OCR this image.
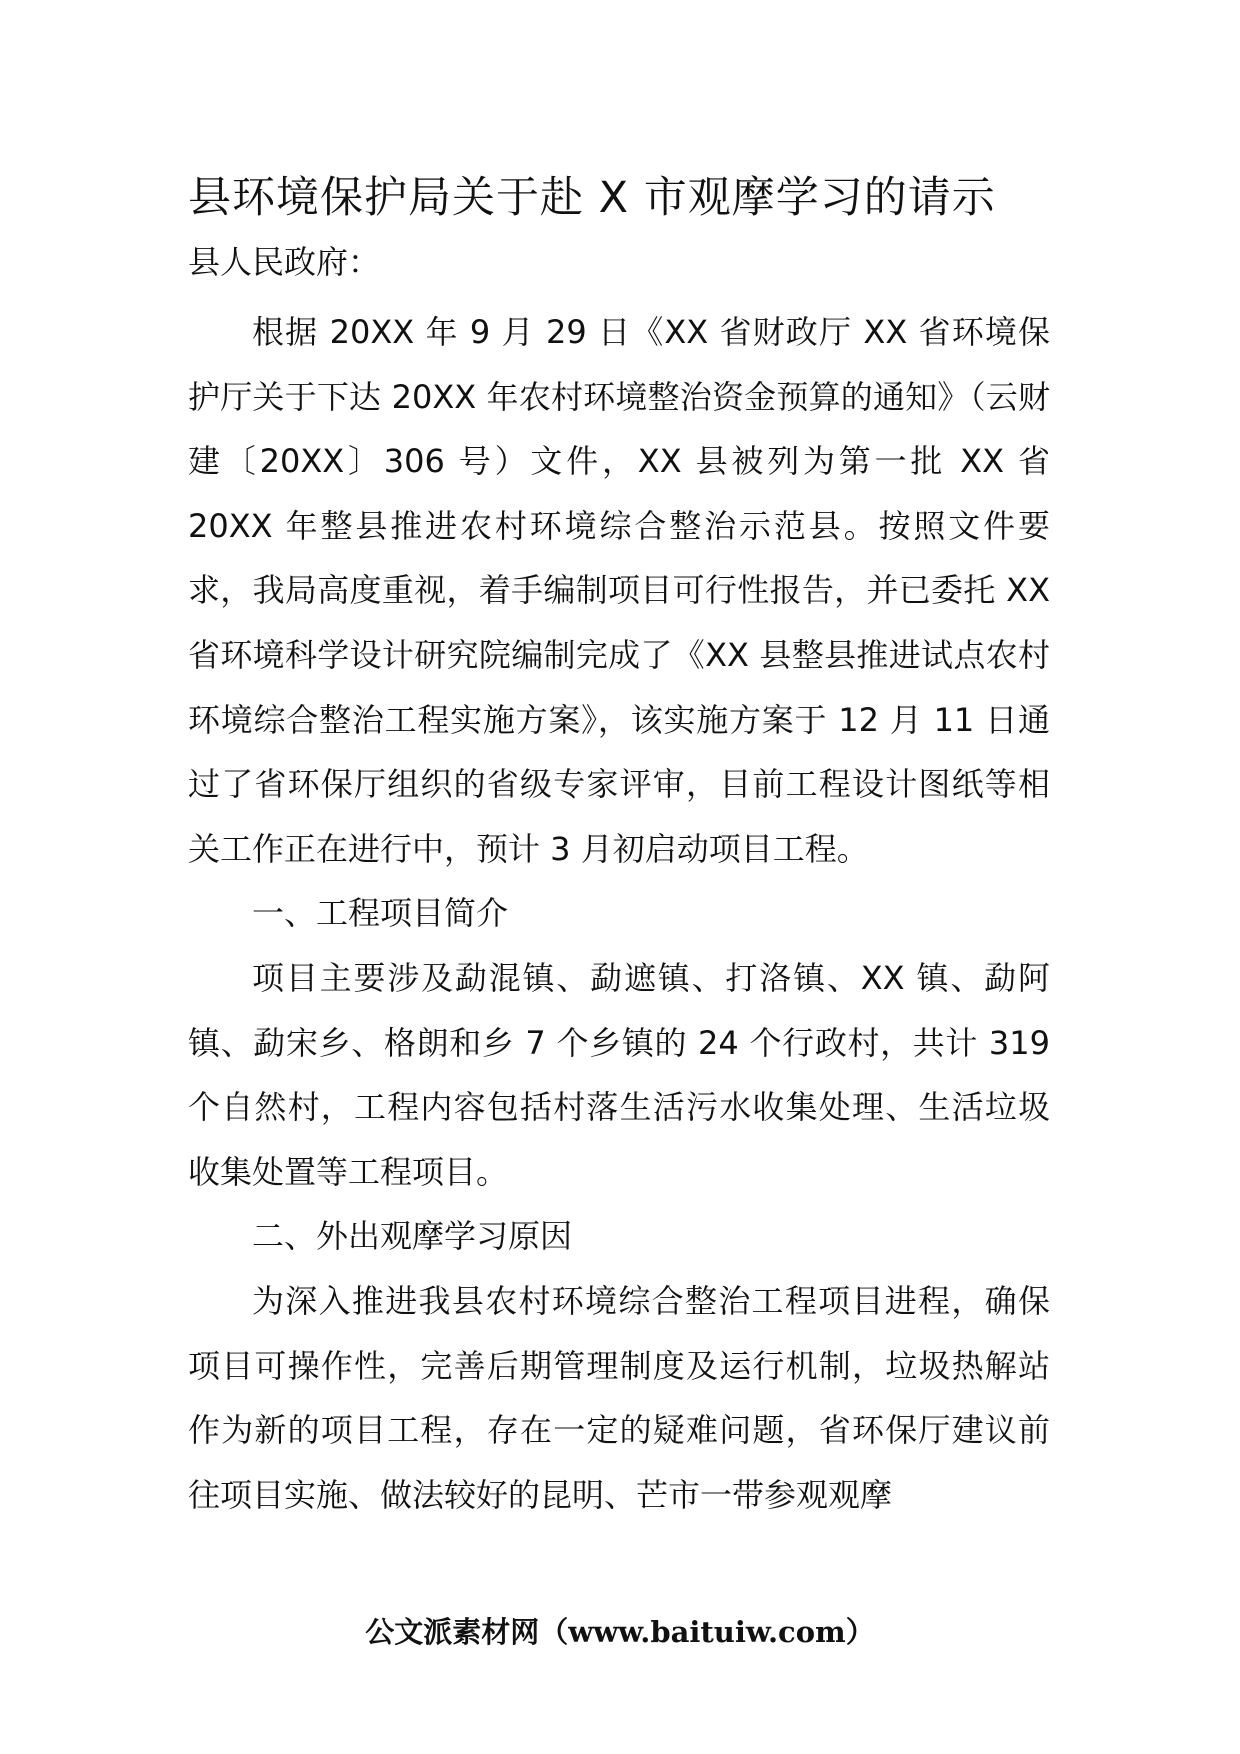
县环境保护局关于赴 X 市观摩学习的请示
县人民政府：

根据 20XX 年 9 月 29 日《XX 省财政厅 XX 省环境保护厅关于下达 20XX 年农村环境整治资金预算的通知》（云财建〔20XX〕306 号）文件，XX 县被列为第一批 XX 省 20XX 年整县推进农村环境综合整治示范县。按照文件要求，我局高度重视，着手编制项目可行性报告，并已委托 XX 省环境科学设计研究院编制完成了《XX 县整县推进试点农村环境综合整治工程实施方案》，该实施方案于 12 月 11 日通过了省环保厅组织的省级专家评审，目前工程设计图纸等相关工作正在进行中，预计 3 月初启动项目工程。

一、工程项目简介

项目主要涉及勐混镇、勐遮镇、打洛镇、XX 镇、勐阿镇、勐宋乡、格朗和乡 7 个乡镇的 24 个行政村，共计 319 个自然村，工程内容包括村落生活污水收集处理、生活垃圾收集处置等工程项目。

二、外出观摩学习原因

为深入推进我县农村环境综合整治工程项目进程，确保项目可操作性，完善后期管理制度及运行机制，垃圾热解站作为新的项目工程，存在一定的疑难问题，省环保厅建议前往项目实施、做法较好的昆明、芒市一带参观观摩

公文派素材网（www.baituiw.com）
